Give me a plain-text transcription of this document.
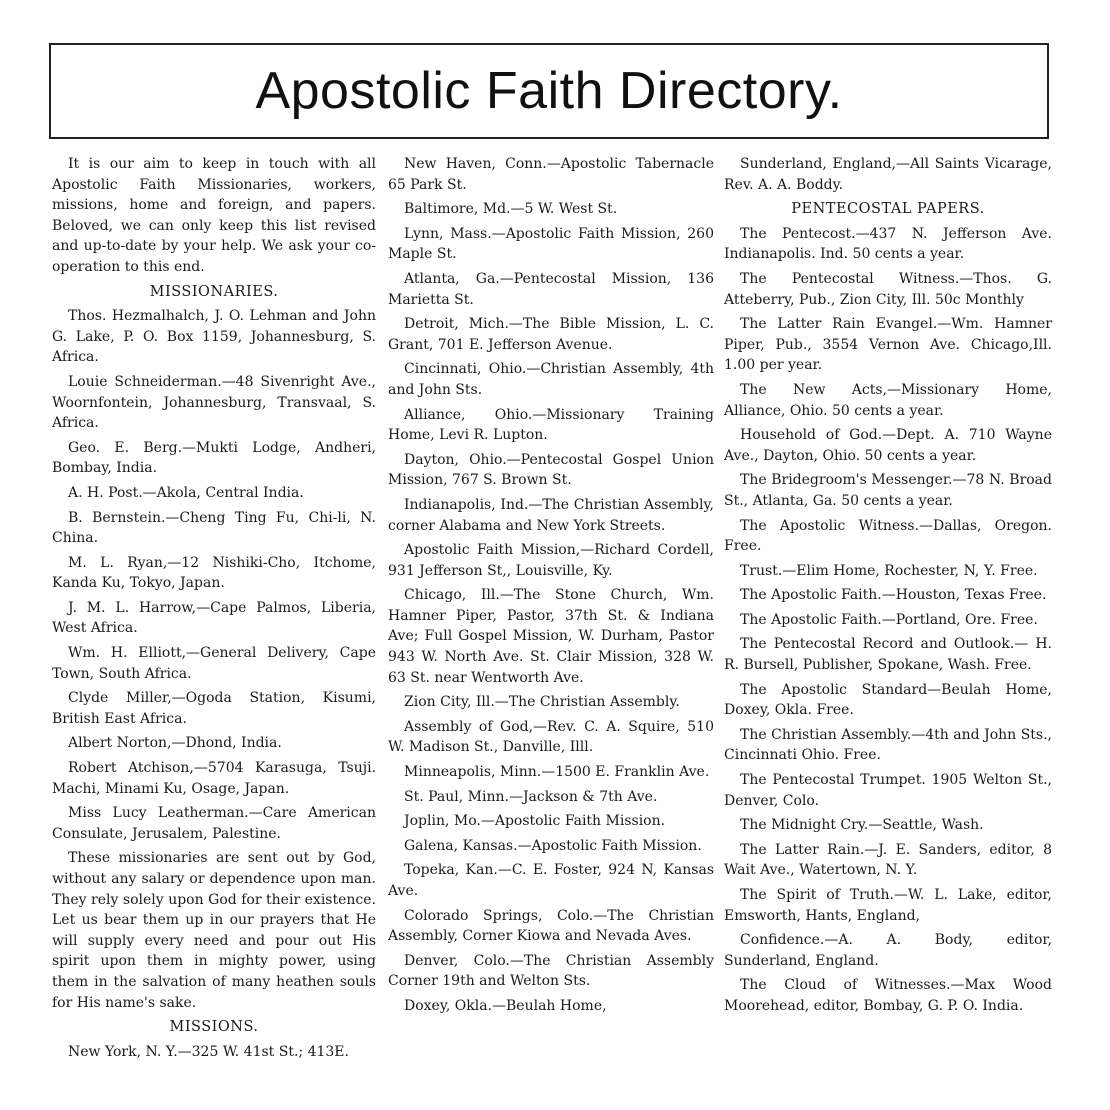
Apostolic Faith Directory.

It is our aim to keep in touch with all Apostolic Faith Missionaries, workers, missions, home and foreign, and papers. Beloved, we can only keep this list revised and up-to-date by your help. We ask your co-operation to this end.

MISSIONARIES.

Thos. Hezmalhalch, J. O. Lehman and John G. Lake, P. O. Box 1159, Johannesburg, S. Africa.

Louie Schneiderman.—48 Sivenright Ave., Woornfontein, Johannesburg, Transvaal, S. Africa.

Geo. E. Berg.—Mukti Lodge, Andheri, Bombay, India.

A. H. Post.—Akola, Central India.

B. Bernstein.—Cheng Ting Fu, Chi-li, N. China.

M. L. Ryan,—12 Nishiki-Cho, Itchome, Kanda Ku, Tokyo, Japan.

J. M. L. Harrow,—Cape Palmos, Liberia, West Africa.

Wm. H. Elliott,—General Delivery, Cape Town, South Africa.

Clyde Miller,—Ogoda Station, Kisumi, British East Africa.

Albert Norton,—Dhond, India.

Robert Atchison,—5704 Karasuga, Tsuji. Machi, Minami Ku, Osage, Japan.

Miss Lucy Leatherman.—Care American Consulate, Jerusalem, Palestine.

These missionaries are sent out by God, without any salary or dependence upon man. They rely solely upon God for their existence. Let us bear them up in our prayers that He will supply every need and pour out His spirit upon them in mighty power, using them in the salvation of many heathen souls for His name's sake.

MISSIONS.

New York, N. Y.—325 W. 41st St.; 413E.

New Haven, Conn.—Apostolic Tabernacle 65 Park St.

Baltimore, Md.—5 W. West St.

Lynn, Mass.—Apostolic Faith Mission, 260 Maple St.

Atlanta, Ga.—Pentecostal Mission, 136 Marietta St.

Detroit, Mich.—The Bible Mission, L. C. Grant, 701 E. Jefferson Avenue.

Cincinnati, Ohio.—Christian Assembly, 4th and John Sts.

Alliance, Ohio.—Missionary Training Home, Levi R. Lupton.

Dayton, Ohio.—Pentecostal Gospel Union Mission, 767 S. Brown St.

Indianapolis, Ind.—The Christian Assembly, corner Alabama and New York Streets.

Apostolic Faith Mission,—Richard Cordell, 931 Jefferson St,, Louisville, Ky.

Chicago, Ill.—The Stone Church, Wm. Hamner Piper, Pastor, 37th St. & Indiana Ave; Full Gospel Mission, W. Durham, Pastor 943 W. North Ave. St. Clair Mission, 328 W. 63 St. near Wentworth Ave.

Zion City, Ill.—The Christian Assembly.

Assembly of God,—Rev. C. A. Squire, 510 W. Madison St., Danville, Illl.

Minneapolis, Minn.—1500 E. Franklin Ave.

St. Paul, Minn.—Jackson & 7th Ave.

Joplin, Mo.—Apostolic Faith Mission.

Galena, Kansas.—Apostolic Faith Mission.

Topeka, Kan.—C. E. Foster, 924 N, Kansas Ave.

Colorado Springs, Colo.—The Christian Assembly, Corner Kiowa and Nevada Aves.

Denver, Colo.—The Christian Assembly Corner 19th and Welton Sts.

Doxey, Okla.—Beulah Home,

Sunderland, England,—All Saints Vicarage, Rev. A. A. Boddy.

PENTECOSTAL PAPERS.

The Pentecost.—437 N. Jefferson Ave. Indianapolis. Ind. 50 cents a year.

The Pentecostal Witness.—Thos. G. Atteberry, Pub., Zion City, Ill. 50c Monthly

The Latter Rain Evangel.—Wm. Hamner Piper, Pub., 3554 Vernon Ave. Chicago,Ill. 1.00 per year.

The New Acts,—Missionary Home, Alliance, Ohio. 50 cents a year.

Household of God.—Dept. A. 710 Wayne Ave., Dayton, Ohio. 50 cents a year.

The Bridegroom's Messenger.—78 N. Broad St., Atlanta, Ga. 50 cents a year.

The Apostolic Witness.—Dallas, Oregon. Free.

Trust.—Elim Home, Rochester, N, Y. Free.

The Apostolic Faith.—Houston, Texas Free.

The Apostolic Faith.—Portland, Ore. Free.

The Pentecostal Record and Outlook.— H. R. Bursell, Publisher, Spokane, Wash. Free.

The Apostolic Standard—Beulah Home, Doxey, Okla. Free.

The Christian Assembly.—4th and John Sts., Cincinnati Ohio. Free.

The Pentecostal Trumpet. 1905 Welton St., Denver, Colo.

The Midnight Cry.—Seattle, Wash.

The Latter Rain.—J. E. Sanders, editor, 8 Wait Ave., Watertown, N. Y.

The Spirit of Truth.—W. L. Lake, editor, Emsworth, Hants, England,

Confidence.—A. A. Body, editor, Sunderland, England.

The Cloud of Witnesses.—Max Wood Moorehead, editor, Bombay, G. P. O. India.
